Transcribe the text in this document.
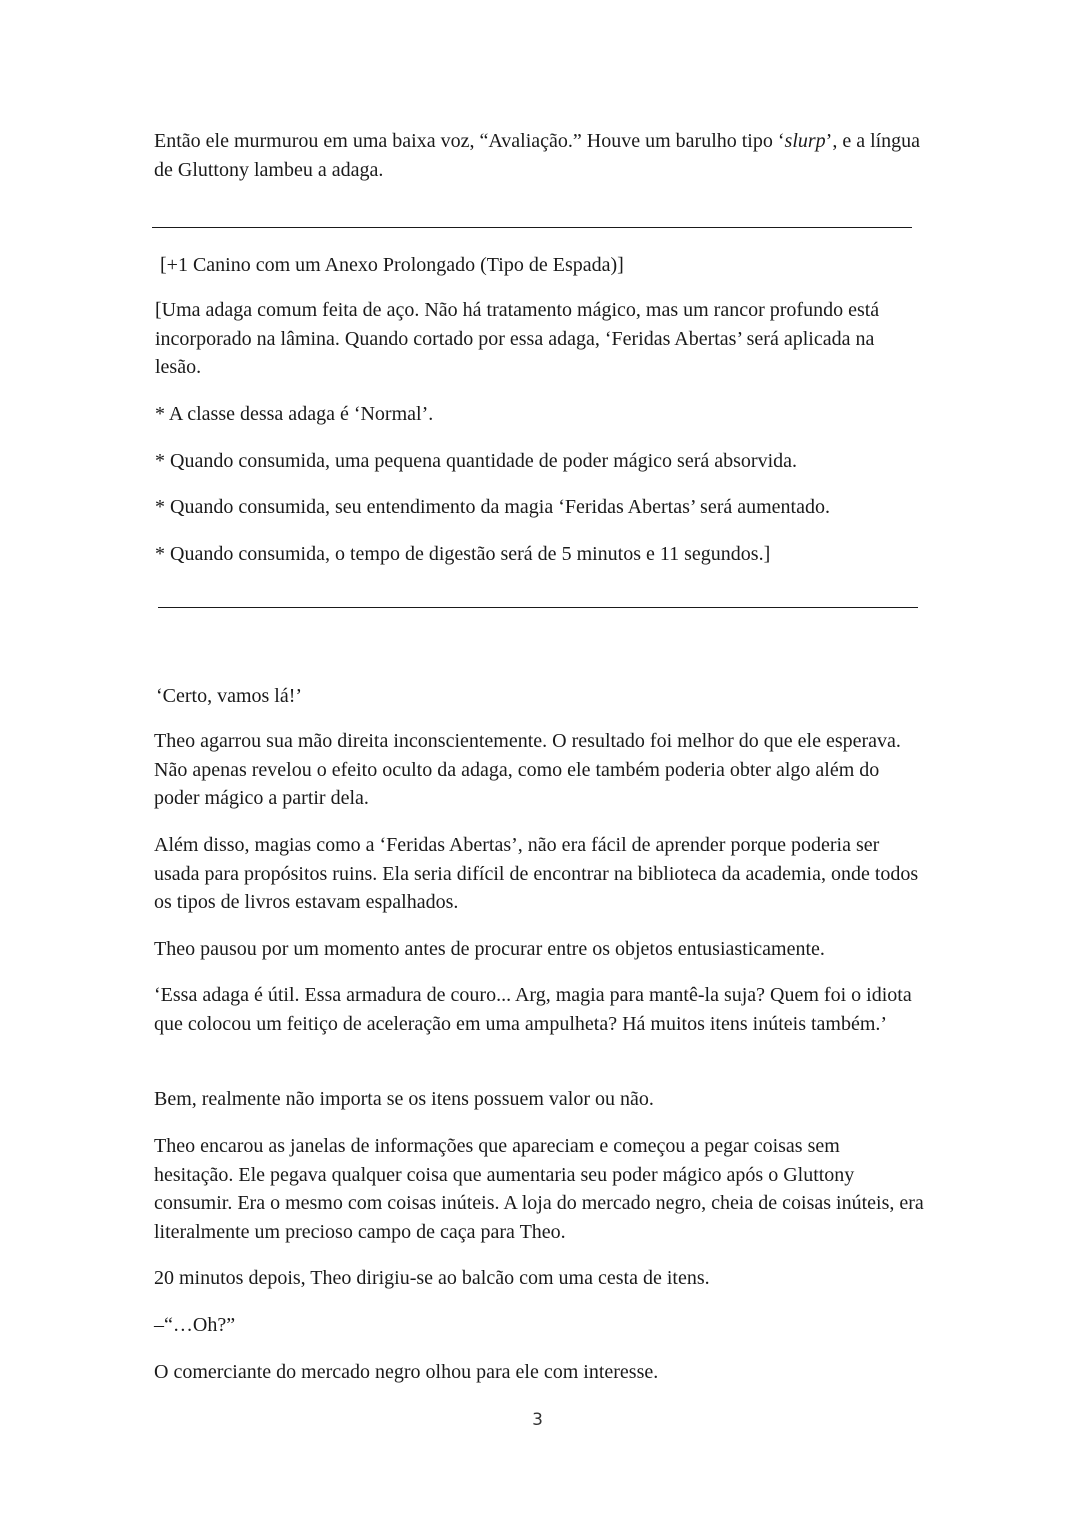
Então ele murmurou em uma baixa voz, “Avaliação.” Houve um barulho tipo ‘slurp’, e a língua de Gluttony lambeu a adaga.

[+1 Canino com um Anexo Prolongado (Tipo de Espada)]

[Uma adaga comum feita de aço. Não há tratamento mágico, mas um rancor profundo está incorporado na lâmina. Quando cortado por essa adaga, ‘Feridas Abertas’ será aplicada na lesão.

* A classe dessa adaga é ‘Normal’.

* Quando consumida, uma pequena quantidade de poder mágico será absorvida.

* Quando consumida, seu entendimento da magia ‘Feridas Abertas’ será aumentado.

* Quando consumida, o tempo de digestão será de 5 minutos e 11 segundos.]

‘Certo, vamos lá!’

Theo agarrou sua mão direita inconscientemente. O resultado foi melhor do que ele esperava. Não apenas revelou o efeito oculto da adaga, como ele também poderia obter algo além do poder mágico a partir dela.

Além disso, magias como a ‘Feridas Abertas’, não era fácil de aprender porque poderia ser usada para propósitos ruins. Ela seria difícil de encontrar na biblioteca da academia, onde todos os tipos de livros estavam espalhados.

Theo pausou por um momento antes de procurar entre os objetos entusiasticamente.

‘Essa adaga é útil. Essa armadura de couro... Arg, magia para mantê-la suja? Quem foi o idiota que colocou um feitiço de aceleração em uma ampulheta? Há muitos itens inúteis também.’

Bem, realmente não importa se os itens possuem valor ou não.

Theo encarou as janelas de informações que apareciam e começou a pegar coisas sem hesitação. Ele pegava qualquer coisa que aumentaria seu poder mágico após o Gluttony consumir. Era o mesmo com coisas inúteis. A loja do mercado negro, cheia de coisas inúteis, era literalmente um precioso campo de caça para Theo.

20 minutos depois, Theo dirigiu-se ao balcão com uma cesta de itens.

–“…Oh?”

O comerciante do mercado negro olhou para ele com interesse.

3
